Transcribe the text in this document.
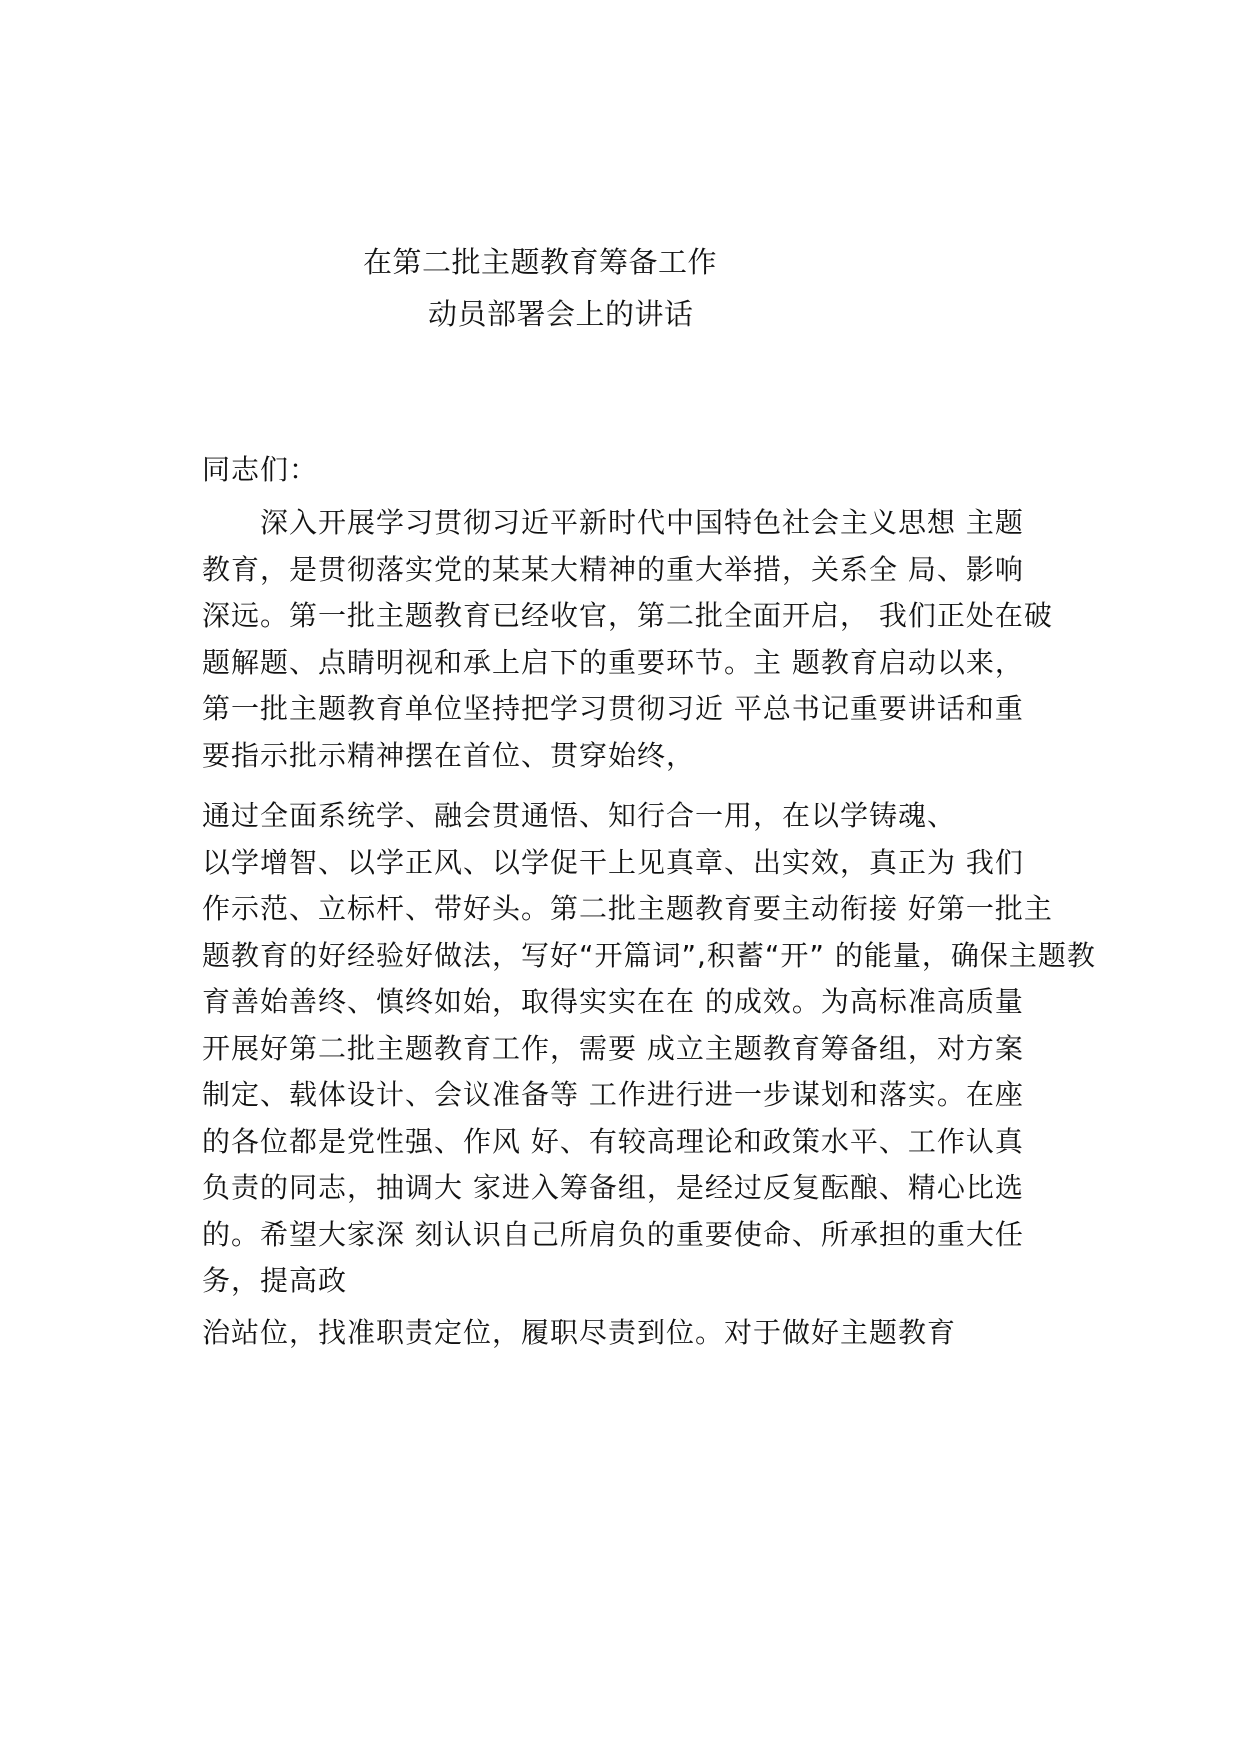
在第二批主题教育筹备工作
动员部署会上的讲话
同志们：
深入开展学习贯彻习近平新时代中国特色社会主义思想 主题
教育，是贯彻落实党的某某大精神的重大举措，关系全 局、影响
深远。第一批主题教育已经收官，第二批全面开启， 我们正处在破
题解题、点睛明视和承上启下的重要环节。主 题教育启动以来，
第一批主题教育单位坚持把学习贯彻习近 平总书记重要讲话和重
要指示批示精神摆在首位、贯穿始终，
通过全面系统学、融会贯通悟、知行合一用，在以学铸魂、
以学增智、以学正风、以学促干上见真章、出实效，真正为 我们
作示范、立标杆、带好头。第二批主题教育要主动衔接 好第一批主
题教育的好经验好做法，写好“开篇词”,积蓄“开” 的能量，确保主题教
育善始善终、慎终如始，取得实实在在 的成效。为高标准高质量
开展好第二批主题教育工作，需要 成立主题教育筹备组，对方案
制定、载体设计、会议准备等 工作进行进一步谋划和落实。在座
的各位都是党性强、作风 好、有较高理论和政策水平、工作认真
负责的同志，抽调大 家进入筹备组，是经过反复酝酿、精心比选
的。希望大家深 刻认识自己所肩负的重要使命、所承担的重大任
务，提高政
治站位，找准职责定位，履职尽责到位。对于做好主题教育
